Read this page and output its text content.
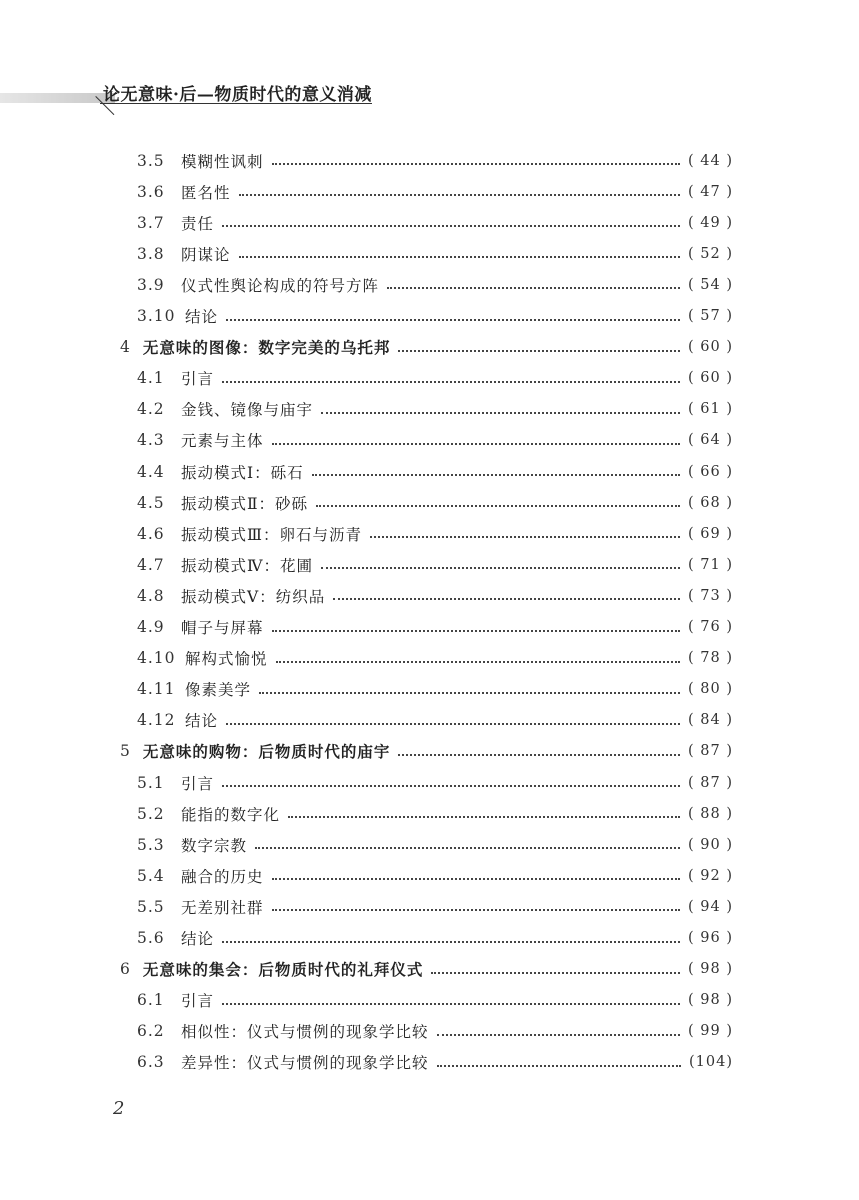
论无意味·后—物质时代的意义消减
3.5 模糊性讽刺	( 44 )
3.6 匿名性	( 47 )
3.7 责任	( 49 )
3.8 阴谋论	( 52 )
3.9 仪式性舆论构成的符号方阵	( 54 )
3.10 结论	( 57 )
4 无意味的图像：数字完美的乌托邦	( 60 )
4.1 引言	( 60 )
4.2 金钱、镜像与庙宇	( 61 )
4.3 元素与主体	( 64 )
4.4 振动模式Ⅰ：砾石	( 66 )
4.5 振动模式Ⅱ：砂砾	( 68 )
4.6 振动模式Ⅲ：卵石与沥青	( 69 )
4.7 振动模式Ⅳ：花圃	( 71 )
4.8 振动模式Ⅴ：纺织品	( 73 )
4.9 帽子与屏幕	( 76 )
4.10 解构式愉悦	( 78 )
4.11 像素美学	( 80 )
4.12 结论	( 84 )
5 无意味的购物：后物质时代的庙宇	( 87 )
5.1 引言	( 87 )
5.2 能指的数字化	( 88 )
5.3 数字宗教	( 90 )
5.4 融合的历史	( 92 )
5.5 无差别社群	( 94 )
5.6 结论	( 96 )
6 无意味的集会：后物质时代的礼拜仪式	( 98 )
6.1 引言	( 98 )
6.2 相似性：仪式与惯例的现象学比较	( 99 )
6.3 差异性：仪式与惯例的现象学比较	(104)
2
